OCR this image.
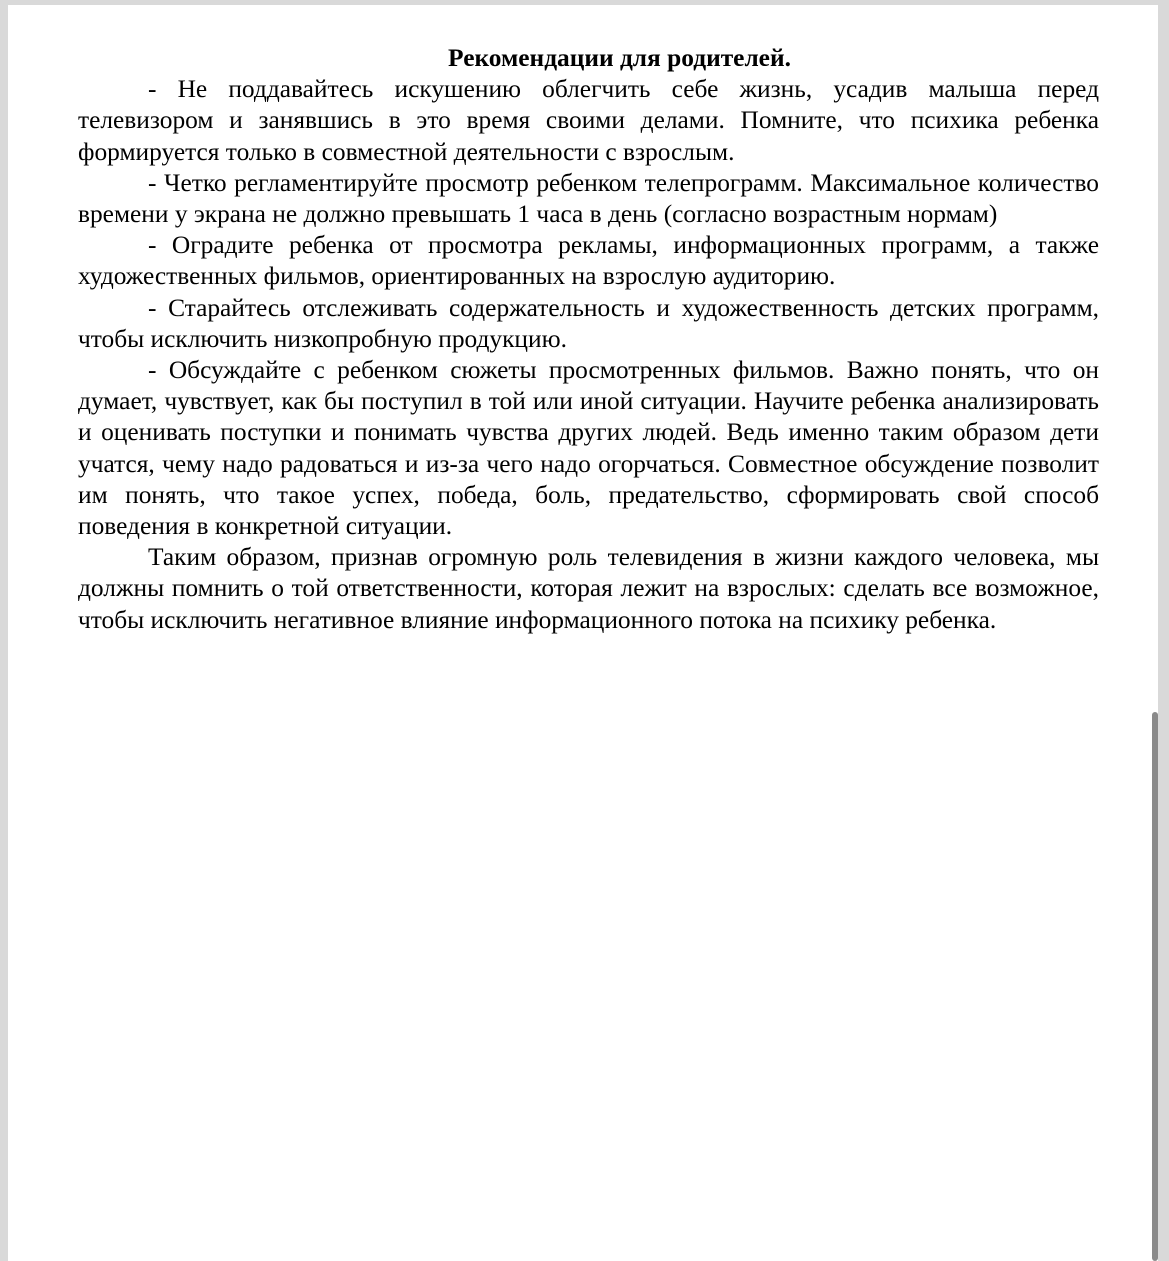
Рекомендации для родителей.

- Не поддавайтесь искушению облегчить себе жизнь, усадив малыша перед телевизором и занявшись в это время своими делами. Помните, что психика ребенка формируется только в совместной деятельности с взрослым.

- Четко регламентируйте просмотр ребенком телепрограмм. Максимальное количество времени у экрана не должно превышать 1 часа в день (согласно возрастным нормам)

- Оградите ребенка от просмотра рекламы, информационных программ, а также художественных фильмов, ориентированных на взрослую аудиторию.

- Старайтесь отслеживать содержательность и художественность детских программ, чтобы исключить низкопробную продукцию.

- Обсуждайте с ребенком сюжеты просмотренных фильмов. Важно понять, что он думает, чувствует, как бы поступил в той или иной ситуации. Научите ребенка анализировать и оценивать поступки и понимать чувства других людей. Ведь именно таким образом дети учатся, чему надо радоваться и из-за чего надо огорчаться. Совместное обсуждение позволит им понять, что такое успех, победа, боль, предательство, сформировать свой способ поведения в конкретной ситуации.

Таким образом, признав огромную роль телевидения в жизни каждого человека, мы должны помнить о той ответственности, которая лежит на взрослых: сделать все возможное, чтобы исключить негативное влияние информационного потока на психику ребенка.
